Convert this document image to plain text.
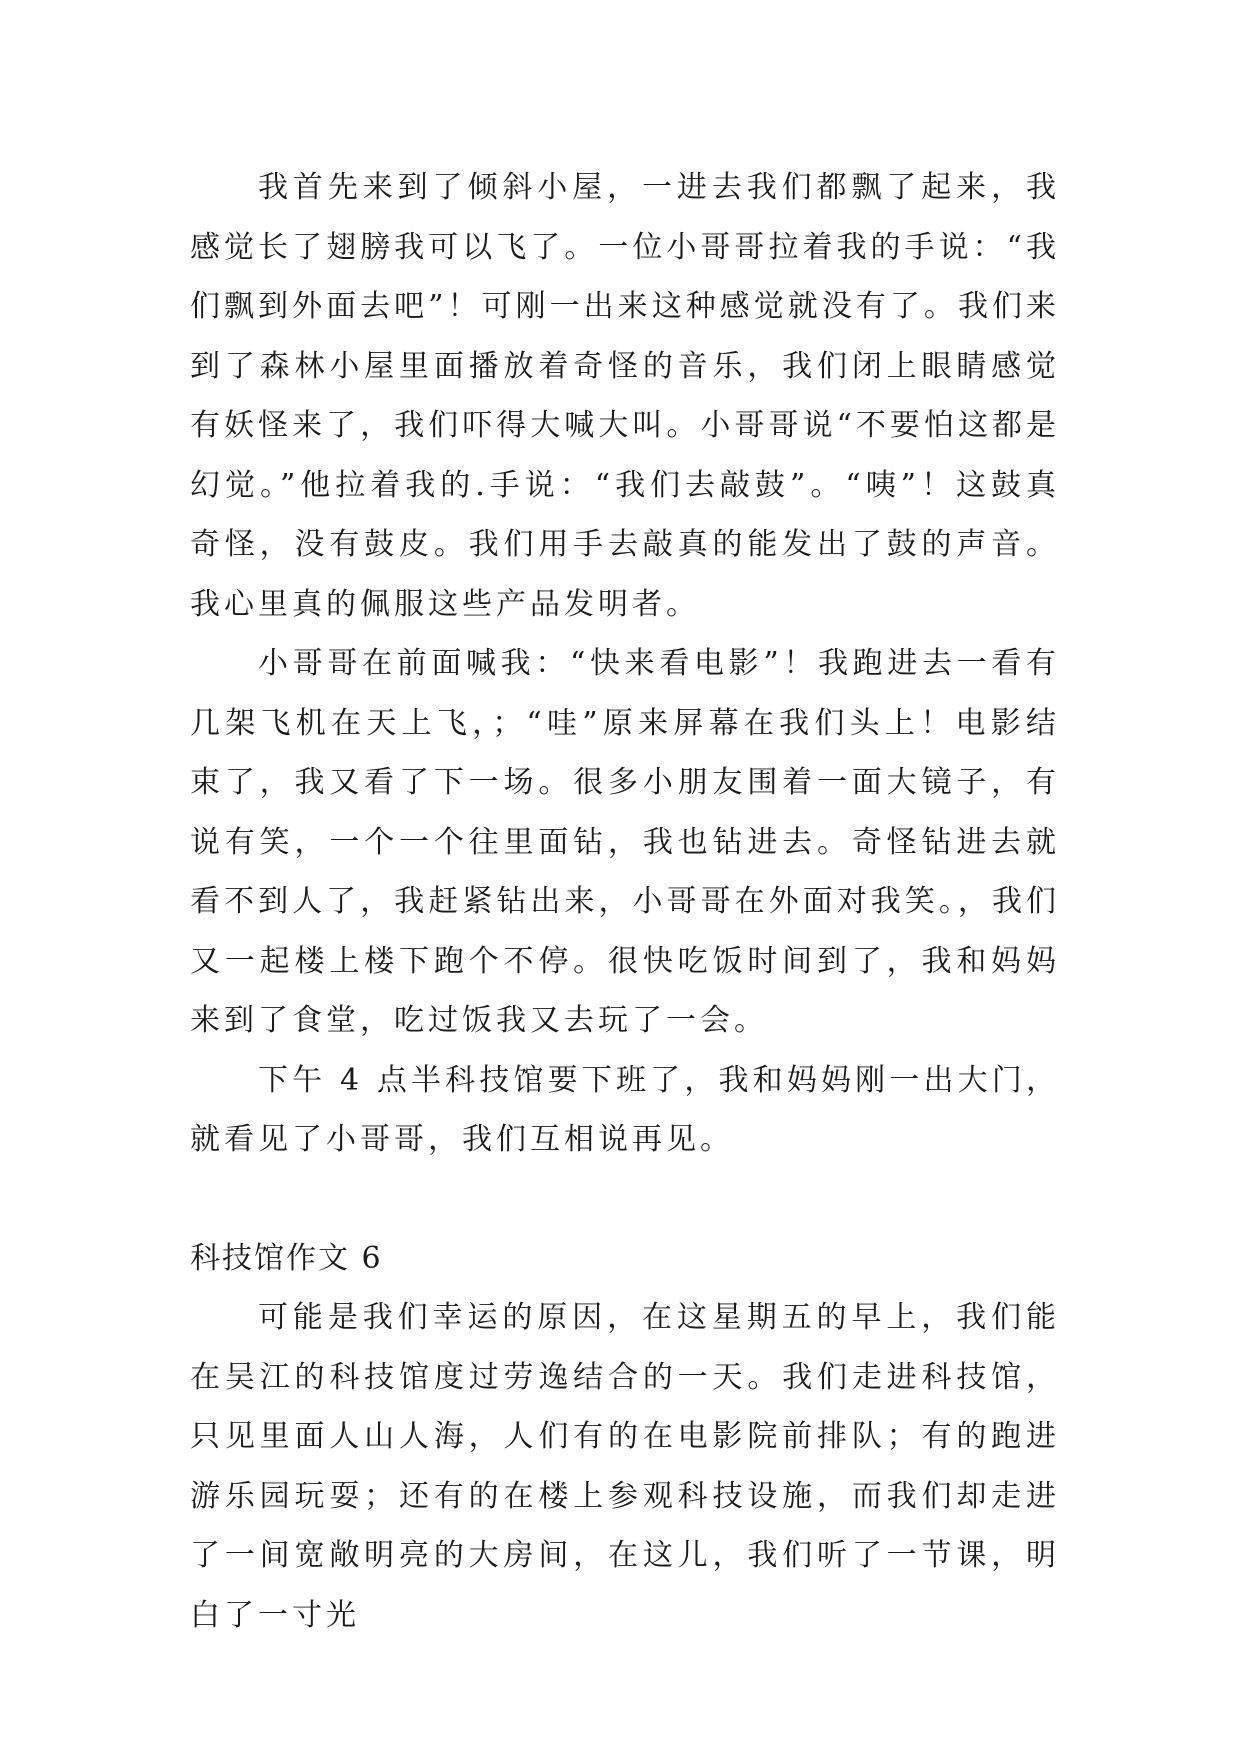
我首先来到了倾斜小屋，一进去我们都飘了起来，我感觉长了翅膀我可以飞了。一位小哥哥拉着我的手说：“我们飘到外面去吧”！可刚一出来这种感觉就没有了。我们来到了森林小屋里面播放着奇怪的音乐，我们闭上眼睛感觉有妖怪来了，我们吓得大喊大叫。小哥哥说“不要怕这都是幻觉。”他拉着我的.手说：“我们去敲鼓”。“咦”！这鼓真奇怪，没有鼓皮。我们用手去敲真的能发出了鼓的声音。我心里真的佩服这些产品发明者。

小哥哥在前面喊我：“快来看电影”！我跑进去一看有几架飞机在天上飞，；“哇”原来屏幕在我们头上！电影结束了，我又看了下一场。很多小朋友围着一面大镜子，有说有笑，一个一个往里面钻，我也钻进去。奇怪钻进去就看不到人了，我赶紧钻出来，小哥哥在外面对我笑。，我们又一起楼上楼下跑个不停。很快吃饭时间到了，我和妈妈来到了食堂，吃过饭我又去玩了一会。

下午 4 点半科技馆要下班了，我和妈妈刚一出大门，就看见了小哥哥，我们互相说再见。

科技馆作文 6

可能是我们幸运的原因，在这星期五的早上，我们能在吴江的科技馆度过劳逸结合的一天。我们走进科技馆，只见里面人山人海，人们有的在电影院前排队；有的跑进游乐园玩耍；还有的在楼上参观科技设施，而我们却走进了一间宽敞明亮的大房间，在这儿，我们听了一节课，明白了一寸光
